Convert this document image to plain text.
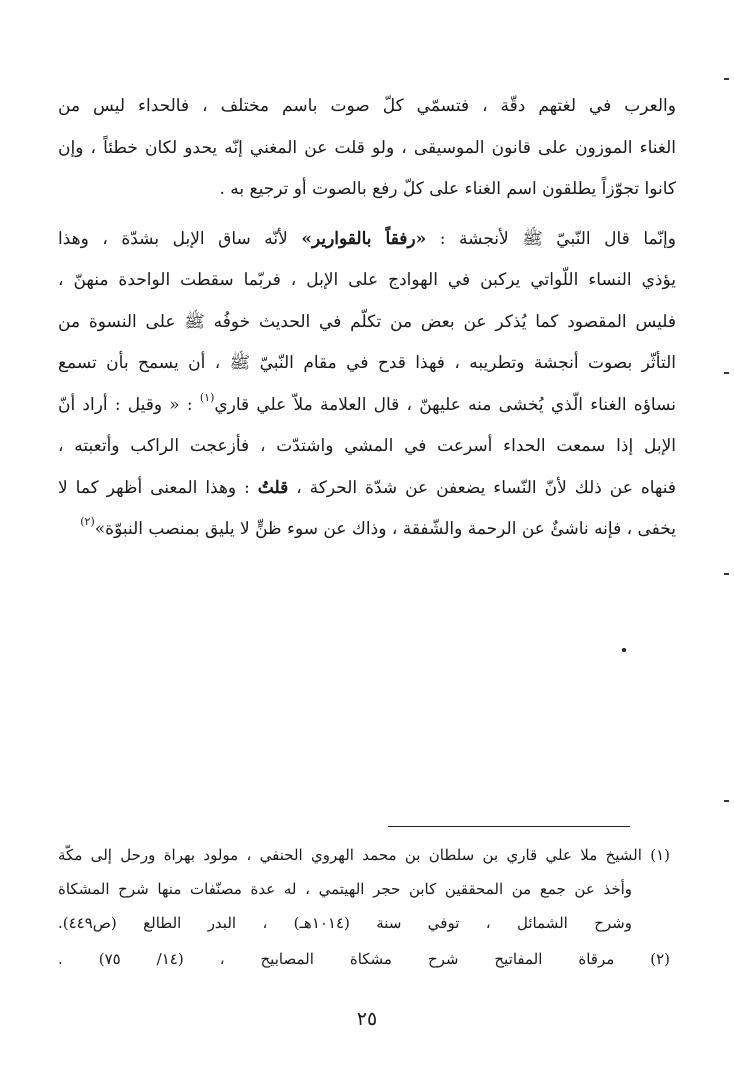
والعرب في لغتهم دقّة ، فتسمّي كلّ صوت باسم مختلف ، فالحداء ليس من
الغناء الموزون على قانون الموسيقى ، ولو قلت عن المغني إنّه يحدو لكان خطئاً ، وإن
كانوا تجوّزاً يطلقون اسم الغناء على كلّ رفع بالصوت أو ترجيع به .

وإنّما قال النّبيّ ﷺ لأنجشة : «رفقاً بالقوارير» لأنّه ساق الإبل بشدّة ، وهذا
يؤذي النساء اللّواتي يركبن في الهوادج على الإبل ، فربّما سقطت الواحدة منهنّ ،
فليس المقصود كما يُذكر عن بعض من تكلّم في الحديث خوفُه ﷺ على النسوة من
التأثّر بصوت أنجشة وتطريبه ، فهذا قدح في مقام النّبيّ ﷺ ، أن يسمح بأن تسمع
نساؤه الغناء الّذي يُخشى منه عليهنّ ، قال العلامة ملاّ علي قاري$^{(١)}$ : « وقيل : أراد أنّ
الإبل إذا سمعت الحداء أسرعت في المشي واشتدّت ، فأزعجت الراكب وأتعبته ،
فنهاه عن ذلك لأنّ النّساء يضعفن عن شدّة الحركة ، قلتُ : وهذا المعنى أظهر كما لا
يخفى ، فإنه ناشئٌ عن الرحمة والشّفقة ، وذاك عن سوء ظنٍّ لا يليق بمنصب النبوّة»$^{(٢)}$

(١) الشيخ ملا علي قاري بن سلطان بن محمد الهروي الحنفي ، مولود بهراة ورحل إلى مكّة
وأخذ عن جمع من المحققين كابن حجر الهيتمي ، له عدة مصنّفات منها شرح المشكاة
وشرح الشمائل ، توفي سنة (١٠١٤هـ) ، البدر الطالع (ص٤٤٩).
(٢) مرقاة المفاتيح شرح مشكاة المصابيح ، (١٤/ ٧٥) .
٢٥
